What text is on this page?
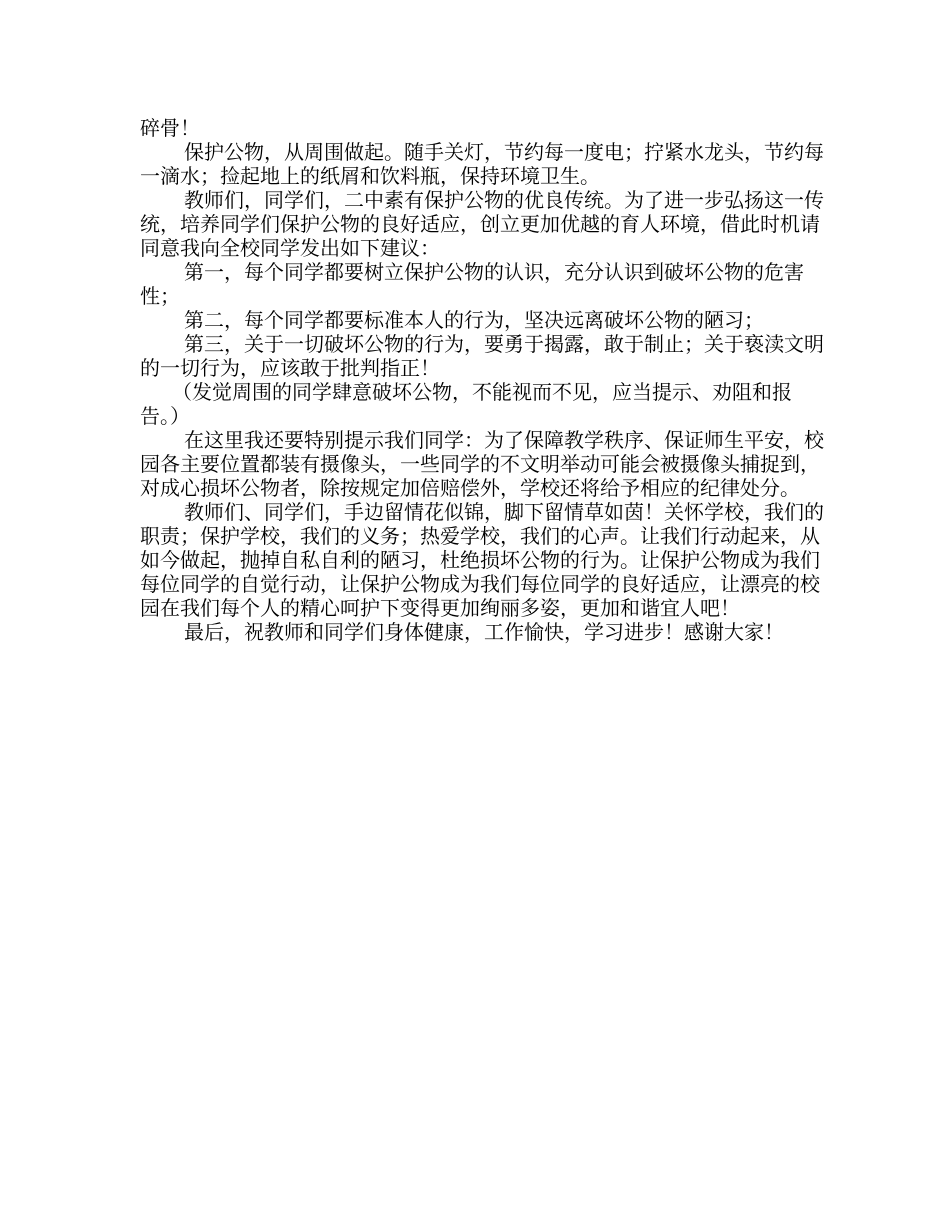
碎骨！

保护公物，从周围做起。随手关灯，节约每一度电；拧紧水龙头，节约每一滴水；捡起地上的纸屑和饮料瓶，保持环境卫生。

教师们，同学们，二中素有保护公物的优良传统。为了进一步弘扬这一传统，培养同学们保护公物的良好适应，创立更加优越的育人环境，借此时机请同意我向全校同学发出如下建议：

第一，每个同学都要树立保护公物的认识，充分认识到破坏公物的危害性；

第二，每个同学都要标准本人的行为，坚决远离破坏公物的陋习；

第三，关于一切破坏公物的行为，要勇于揭露，敢于制止；关于亵渎文明的一切行为，应该敢于批判指正！

（发觉周围的同学肆意破坏公物，不能视而不见，应当提示、劝阻和报告。）

在这里我还要特别提示我们同学：为了保障教学秩序、保证师生平安，校园各主要位置都装有摄像头，一些同学的不文明举动可能会被摄像头捕捉到，对成心损坏公物者，除按规定加倍赔偿外，学校还将给予相应的纪律处分。

教师们、同学们，手边留情花似锦，脚下留情草如茵！关怀学校，我们的职责；保护学校，我们的义务；热爱学校，我们的心声。让我们行动起来，从如今做起，抛掉自私自利的陋习，杜绝损坏公物的行为。让保护公物成为我们每位同学的自觉行动，让保护公物成为我们每位同学的良好适应，让漂亮的校园在我们每个人的精心呵护下变得更加绚丽多姿，更加和谐宜人吧！

最后，祝教师和同学们身体健康，工作愉快，学习进步！感谢大家！
